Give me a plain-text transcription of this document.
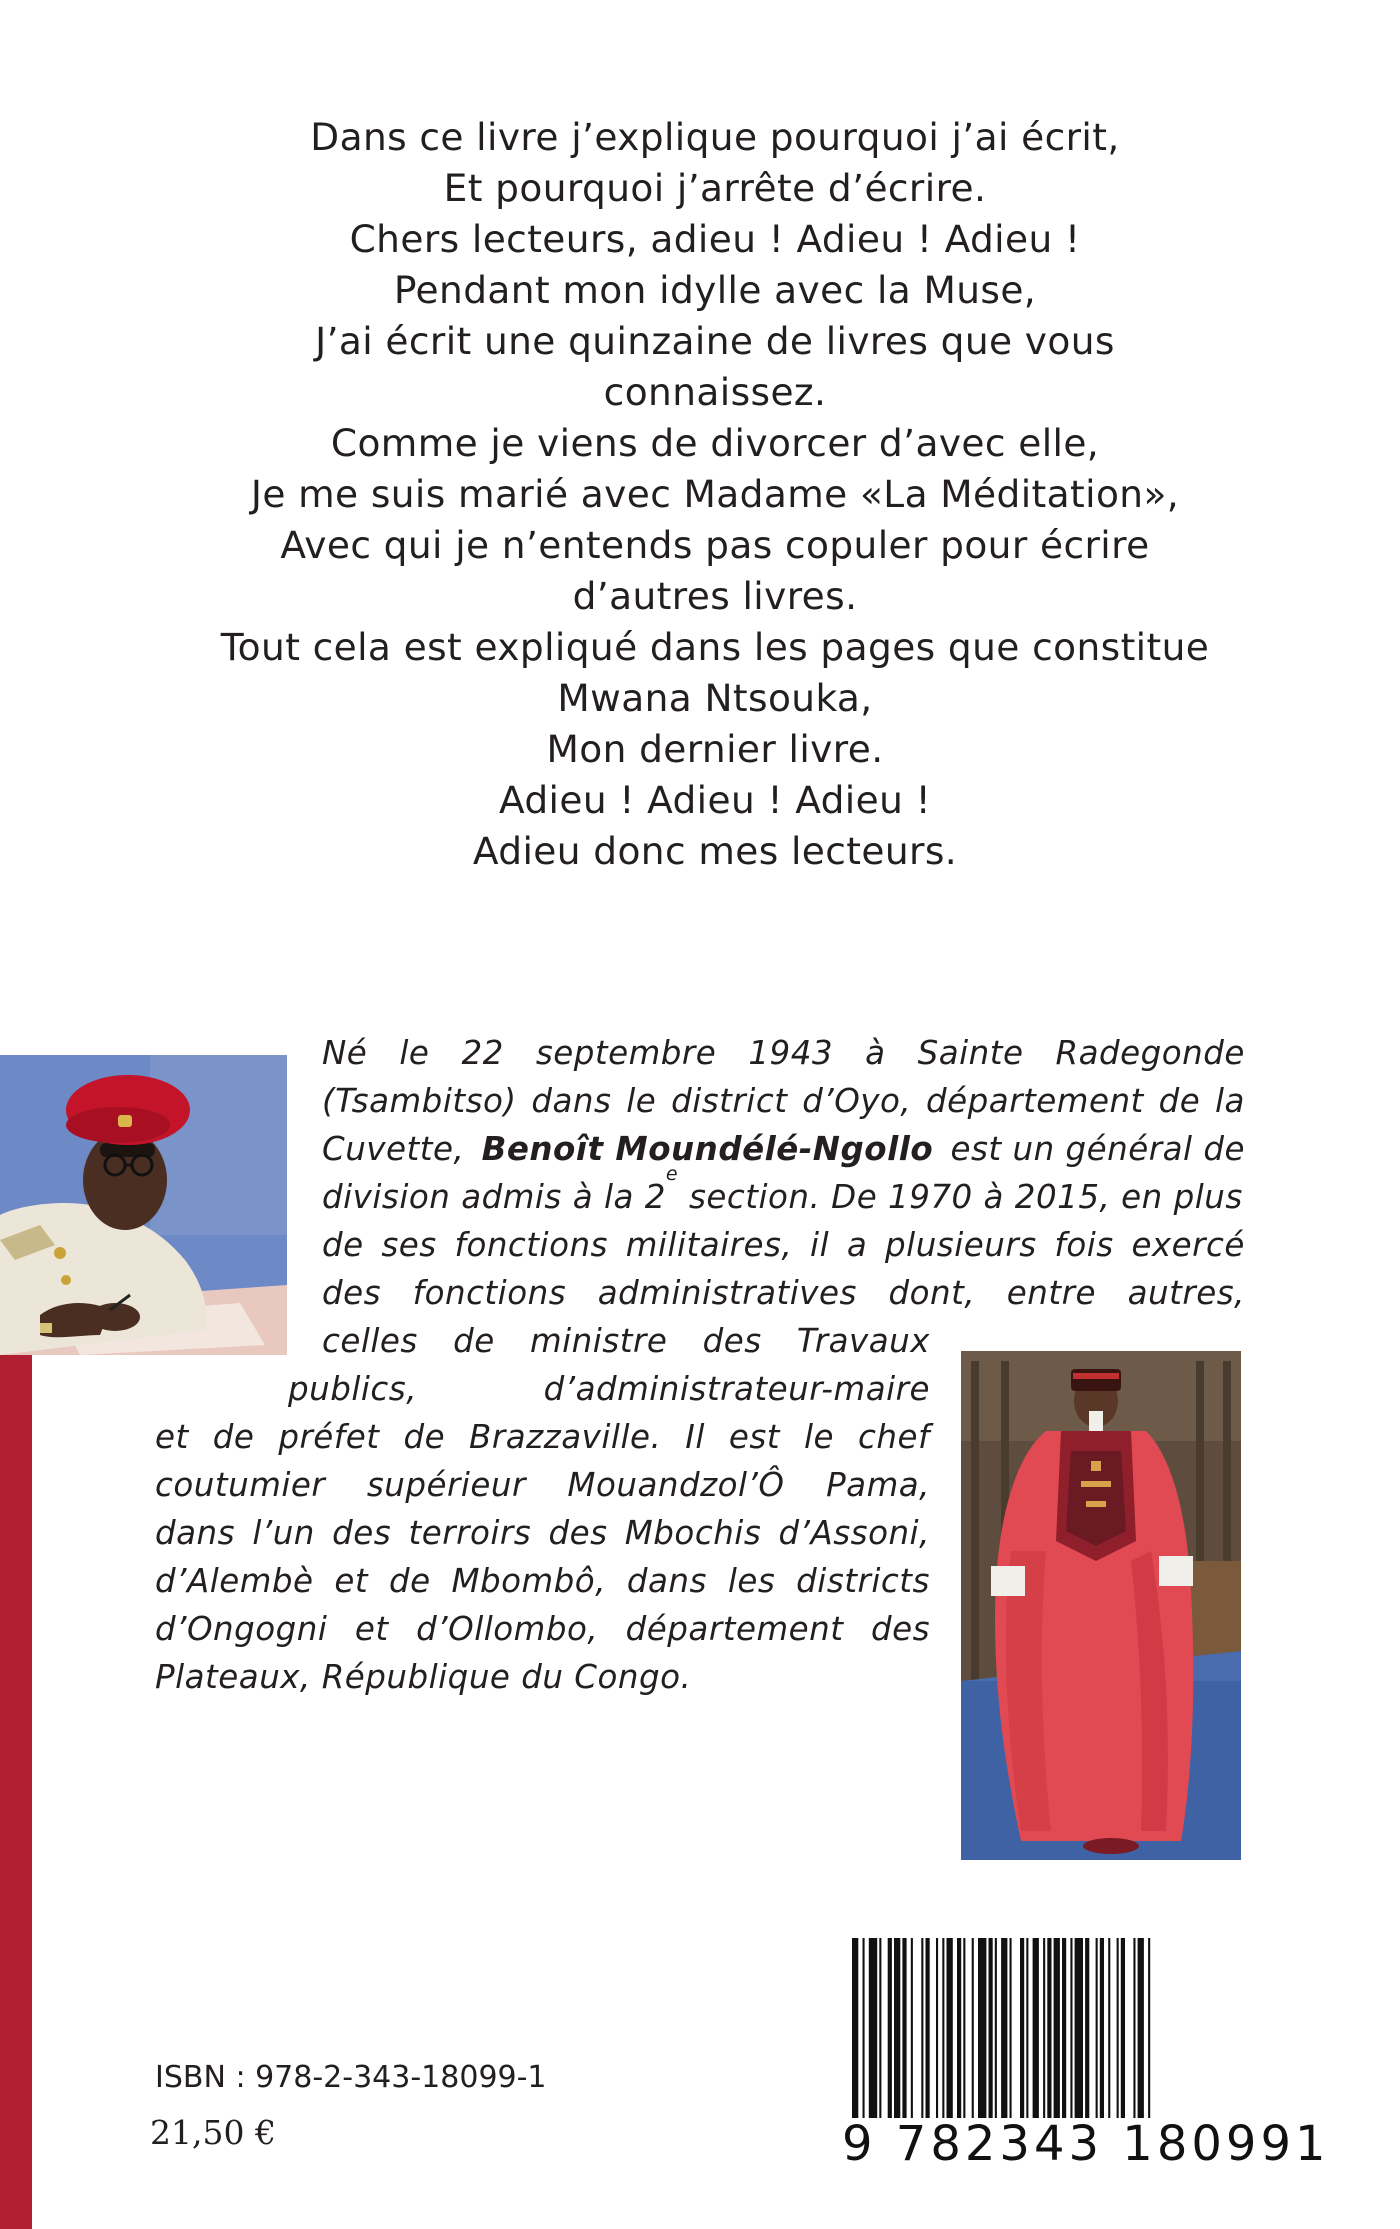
Dans ce livre j’explique pourquoi j’ai écrit,
Et pourquoi j’arrête d’écrire.
Chers lecteurs, adieu ! Adieu ! Adieu !
Pendant mon idylle avec la Muse,
J’ai écrit une quinzaine de livres que vous
connaissez.
Comme je viens de divorcer d’avec elle,
Je me suis marié avec Madame «La Méditation»,
Avec qui je n’entends pas copuler pour écrire
d’autres livres.
Tout cela est expliqué dans les pages que constitue
Mwana Ntsouka,
Mon dernier livre.
Adieu ! Adieu ! Adieu !
Adieu donc mes lecteurs.
Né le 22 septembre 1943 à Sainte Radegonde
(Tsambitso) dans le district d’Oyo, département de la
Cuvette, Benoît Moundélé-Ngollo est un général de
division admis à la 2
e

section. De 1970 à 2015, en plus
de ses fonctions militaires, il a plusieurs fois exercé
des fonctions administratives dont, entre autres,
celles de ministre des Travaux
publics,	d’administrateur-maire
et de préfet de Brazzaville. Il est le chef
coutumier supérieur Mouandzol’Ô Pama,
dans l’un des terroirs des Mbochis d’Assoni,
d’Alembè et de Mbombô, dans les districts
d’Ongogni et d’Ollombo, département des
Plateaux, République du Congo.
ISBN : 978-2-343-18099-1
21,50 €	9 782343 180991
